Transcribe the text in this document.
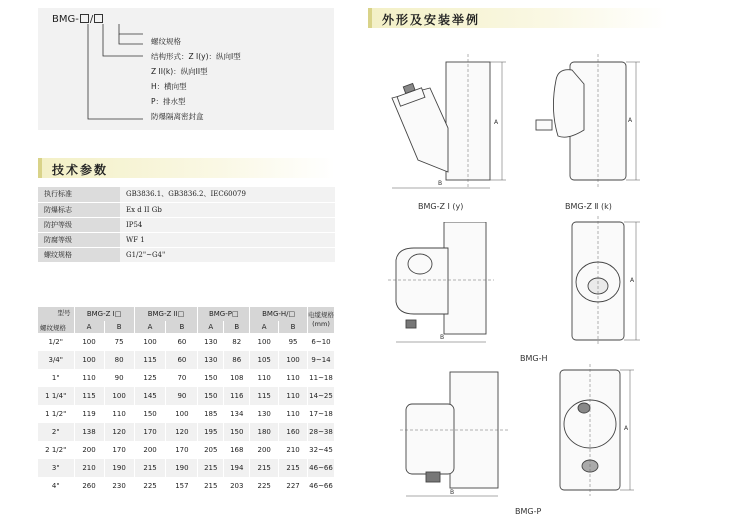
BMG- /
螺纹规格
结构形式：Z I(y)：纵向I型
Z II(k)：纵向II型
H：横向型
P：排水型
防爆隔离密封盒
技术参数
执行标准	GB3836.1、GB3836.2、IEC60079
防爆标志	Ex d II Gb
防护等级	IP54
防腐等级	WF 1
螺纹规格	G1/2"~G4"
型号
螺纹规格	BMG-Z I□		BMG-Z II□		BMG-P□		BMG-H/□		电缆规格(mm)
	A	B	A	B	A	B	A	B	
1/2"	100	75	100	60	130	82	100	95	6~10
3/4"	100	80	115	60	130	86	105	100	9~14
1"	110	90	125	70	150	108	110	110	11~18
1 1/4"	115	100	145	90	150	116	115	110	14~25
1 1/2"	119	110	150	100	185	134	130	110	17~18
2"	138	120	170	120	195	150	180	160	28~38
2 1/2"	200	170	200	170	205	168	200	210	32~45
3"	210	190	215	190	215	194	215	215	46~66
4"	260	230	225	157	215	203	225	227	46~66
外形及安装举例
A
B
BMG-Z Ⅰ (y)
A
BMG-Z Ⅱ (k)
B
A
BMG-H
B
BMG-P
A
